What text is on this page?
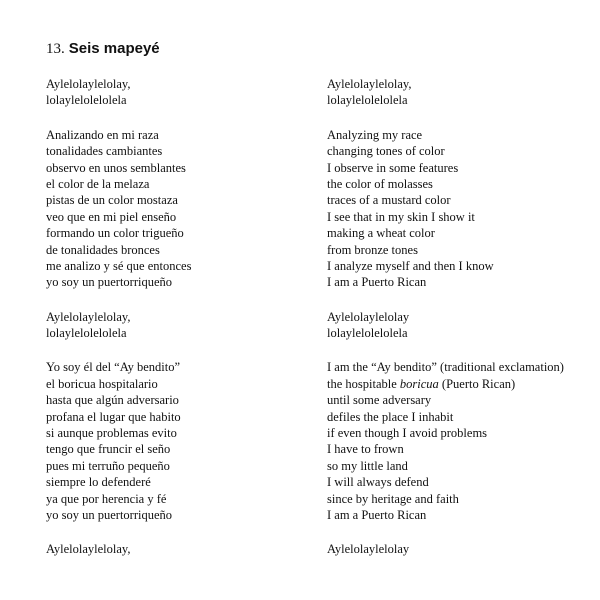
13. Seis mapeyé
Aylelolaylelolay,
lolaylelolelolela
Analizando en mi raza
tonalidades cambiantes
observo en unos semblantes
el color de la melaza
pistas de un color mostaza
veo que en mi piel enseño
formando un color trigueño
de tonalidades bronces
me analizo y sé que entonces
yo soy un puertorriqueño
Aylelolaylelolay,
lolaylelolelolela
Yo soy él del “Ay bendito”
el boricua hospitalario
hasta que algún adversario
profana el lugar que habito
si aunque problemas evito
tengo que fruncir el seño
pues mi terruño pequeño
siempre lo defenderé
ya que por herencia y fé
yo soy un puertorriqueño
Aylelolaylelolay,
Aylelolaylelolay,
lolaylelolelolela
Analyzing my race
changing tones of color
I observe in some features
the color of molasses
traces of a mustard color
I see that in my skin I show it
making a wheat color
from bronze tones
I analyze myself and then I know
I am a Puerto Rican
Aylelolaylelolay
lolaylelolelolela
I am the “Ay bendito” (traditional exclamation)
the hospitable boricua (Puerto Rican)
until some adversary
defiles the place I inhabit
if even though I avoid problems
I have to frown
so my little land
I will always defend
since by heritage and faith
I am a Puerto Rican
Aylelolaylelolay
